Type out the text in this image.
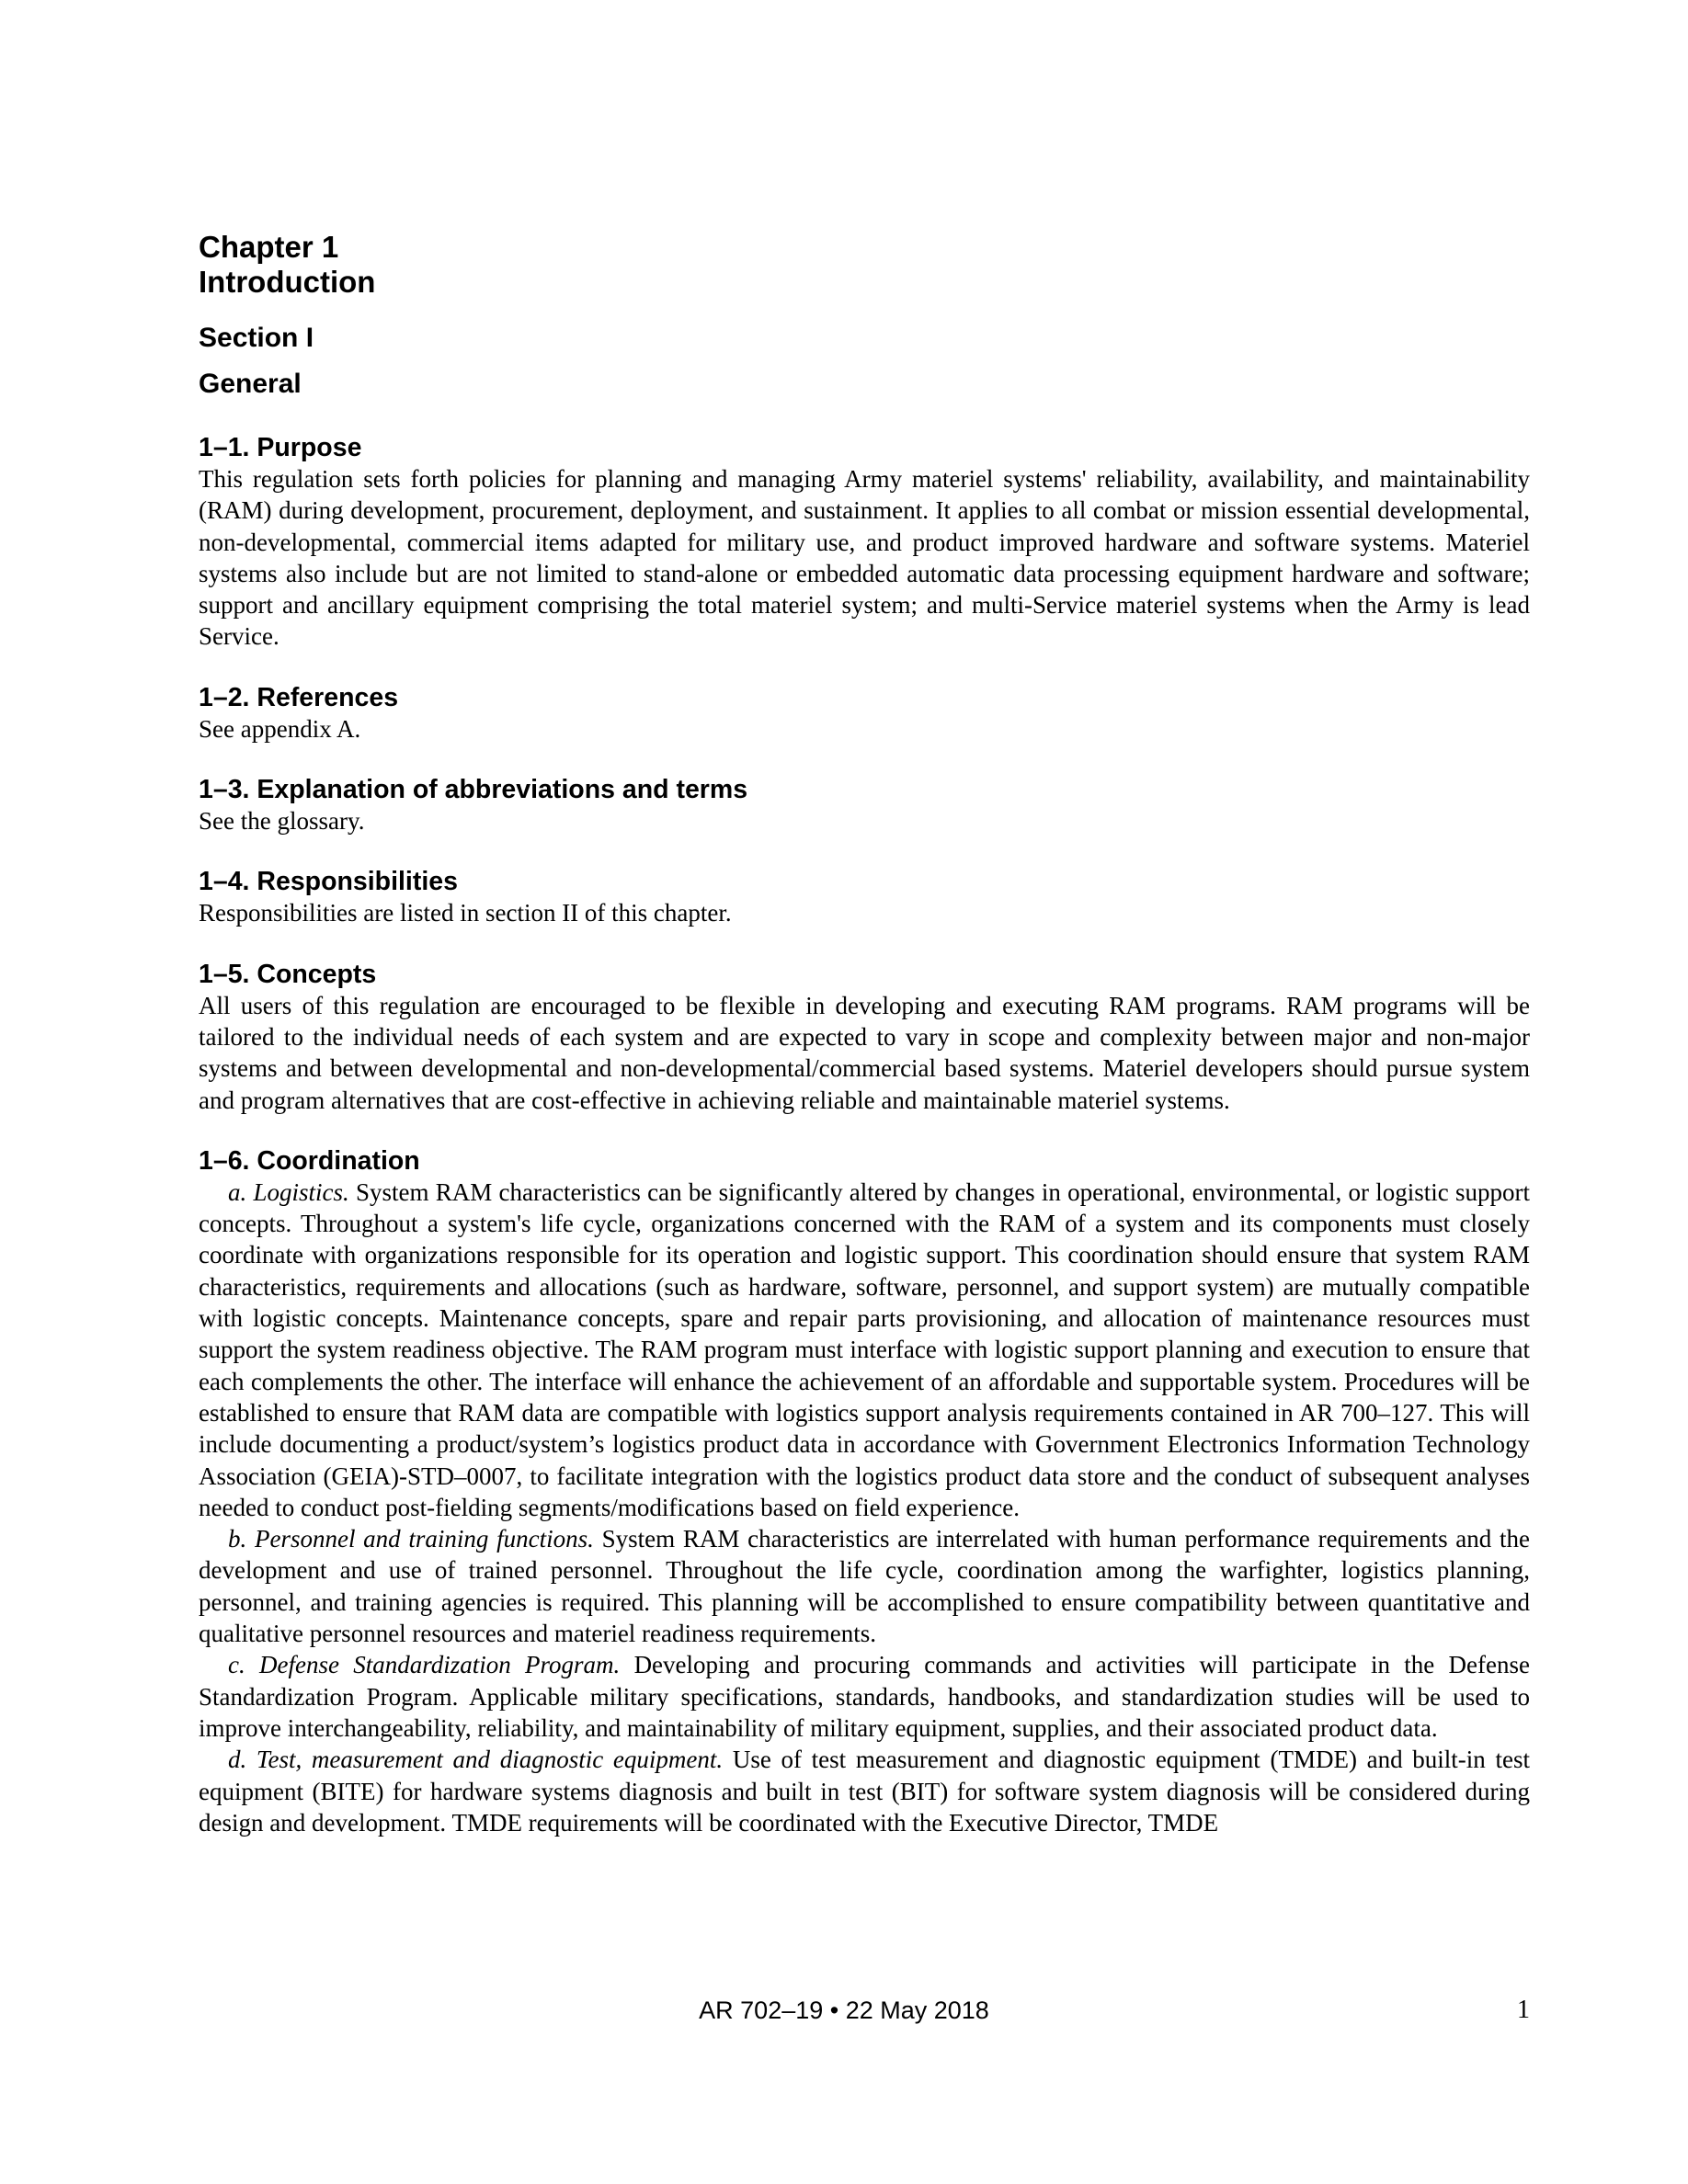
Chapter 1
Introduction
Section I
General
1–1. Purpose

This regulation sets forth policies for planning and managing Army materiel systems' reliability, availability, and maintainability (RAM) during development, procurement, deployment, and sustainment. It applies to all combat or mission essential developmental, non-developmental, commercial items adapted for military use, and product improved hardware and software systems. Materiel systems also include but are not limited to stand-alone or embedded automatic data processing equipment hardware and software; support and ancillary equipment comprising the total materiel system; and multi-Service materiel systems when the Army is lead Service.

1–2. References

See appendix A.

1–3. Explanation of abbreviations and terms

See the glossary.

1–4. Responsibilities

Responsibilities are listed in section II of this chapter.

1–5. Concepts

All users of this regulation are encouraged to be flexible in developing and executing RAM programs. RAM programs will be tailored to the individual needs of each system and are expected to vary in scope and complexity between major and non-major systems and between developmental and non-developmental/commercial based systems. Materiel developers should pursue system and program alternatives that are cost-effective in achieving reliable and maintainable materiel systems.

1–6. Coordination

a. Logistics. System RAM characteristics can be significantly altered by changes in operational, environmental, or logistic support concepts. Throughout a system's life cycle, organizations concerned with the RAM of a system and its components must closely coordinate with organizations responsible for its operation and logistic support. This coordination should ensure that system RAM characteristics, requirements and allocations (such as hardware, software, personnel, and support system) are mutually compatible with logistic concepts. Maintenance concepts, spare and repair parts provisioning, and allocation of maintenance resources must support the system readiness objective. The RAM program must interface with logistic support planning and execution to ensure that each complements the other. The interface will enhance the achievement of an affordable and supportable system. Procedures will be established to ensure that RAM data are compatible with logistics support analysis requirements contained in AR 700–127. This will include documenting a product/system’s logistics product data in accordance with Government Electronics Information Technology Association (GEIA)-STD–0007, to facilitate integration with the logistics product data store and the conduct of subsequent analyses needed to conduct post-fielding segments/modifications based on field experience.

b. Personnel and training functions. System RAM characteristics are interrelated with human performance requirements and the development and use of trained personnel. Throughout the life cycle, coordination among the warfighter, logistics planning, personnel, and training agencies is required. This planning will be accomplished to ensure compatibility between quantitative and qualitative personnel resources and materiel readiness requirements.

c. Defense Standardization Program. Developing and procuring commands and activities will participate in the Defense Standardization Program. Applicable military specifications, standards, handbooks, and standardization studies will be used to improve interchangeability, reliability, and maintainability of military equipment, supplies, and their associated product data.

d. Test, measurement and diagnostic equipment. Use of test measurement and diagnostic equipment (TMDE) and built-in test equipment (BITE) for hardware systems diagnosis and built in test (BIT) for software system diagnosis will be considered during design and development. TMDE requirements will be coordinated with the Executive Director, TMDE

AR 702–19 • 22 May 2018	1
